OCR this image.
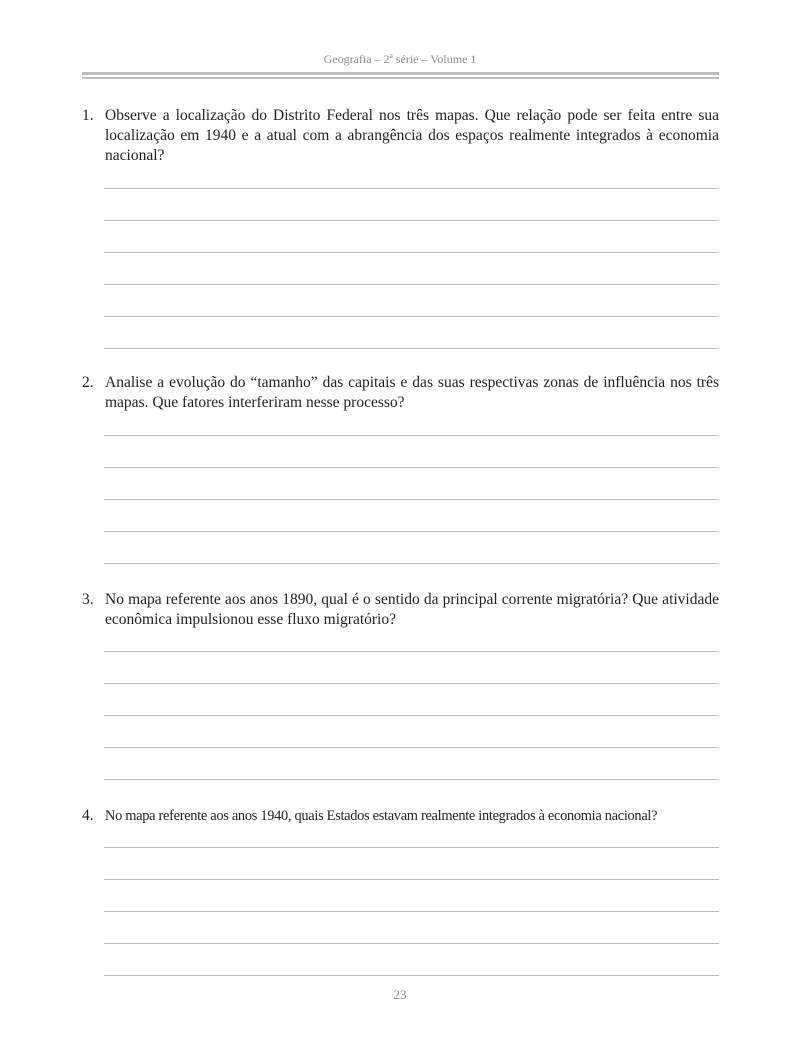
Geografia – 2ª série – Volume 1
1. Observe a localização do Distrito Federal nos três mapas. Que relação pode ser feita entre sua localização em 1940 e a atual com a abrangência dos espaços realmente integrados à economia nacional?
2. Analise a evolução do “tamanho” das capitais e das suas respectivas zonas de influência nos três mapas. Que fatores interferiram nesse processo?
3. No mapa referente aos anos 1890, qual é o sentido da principal corrente migratória? Que atividade econômica impulsionou esse fluxo migratório?
4. No mapa referente aos anos 1940, quais Estados estavam realmente integrados à economia nacional?
23
